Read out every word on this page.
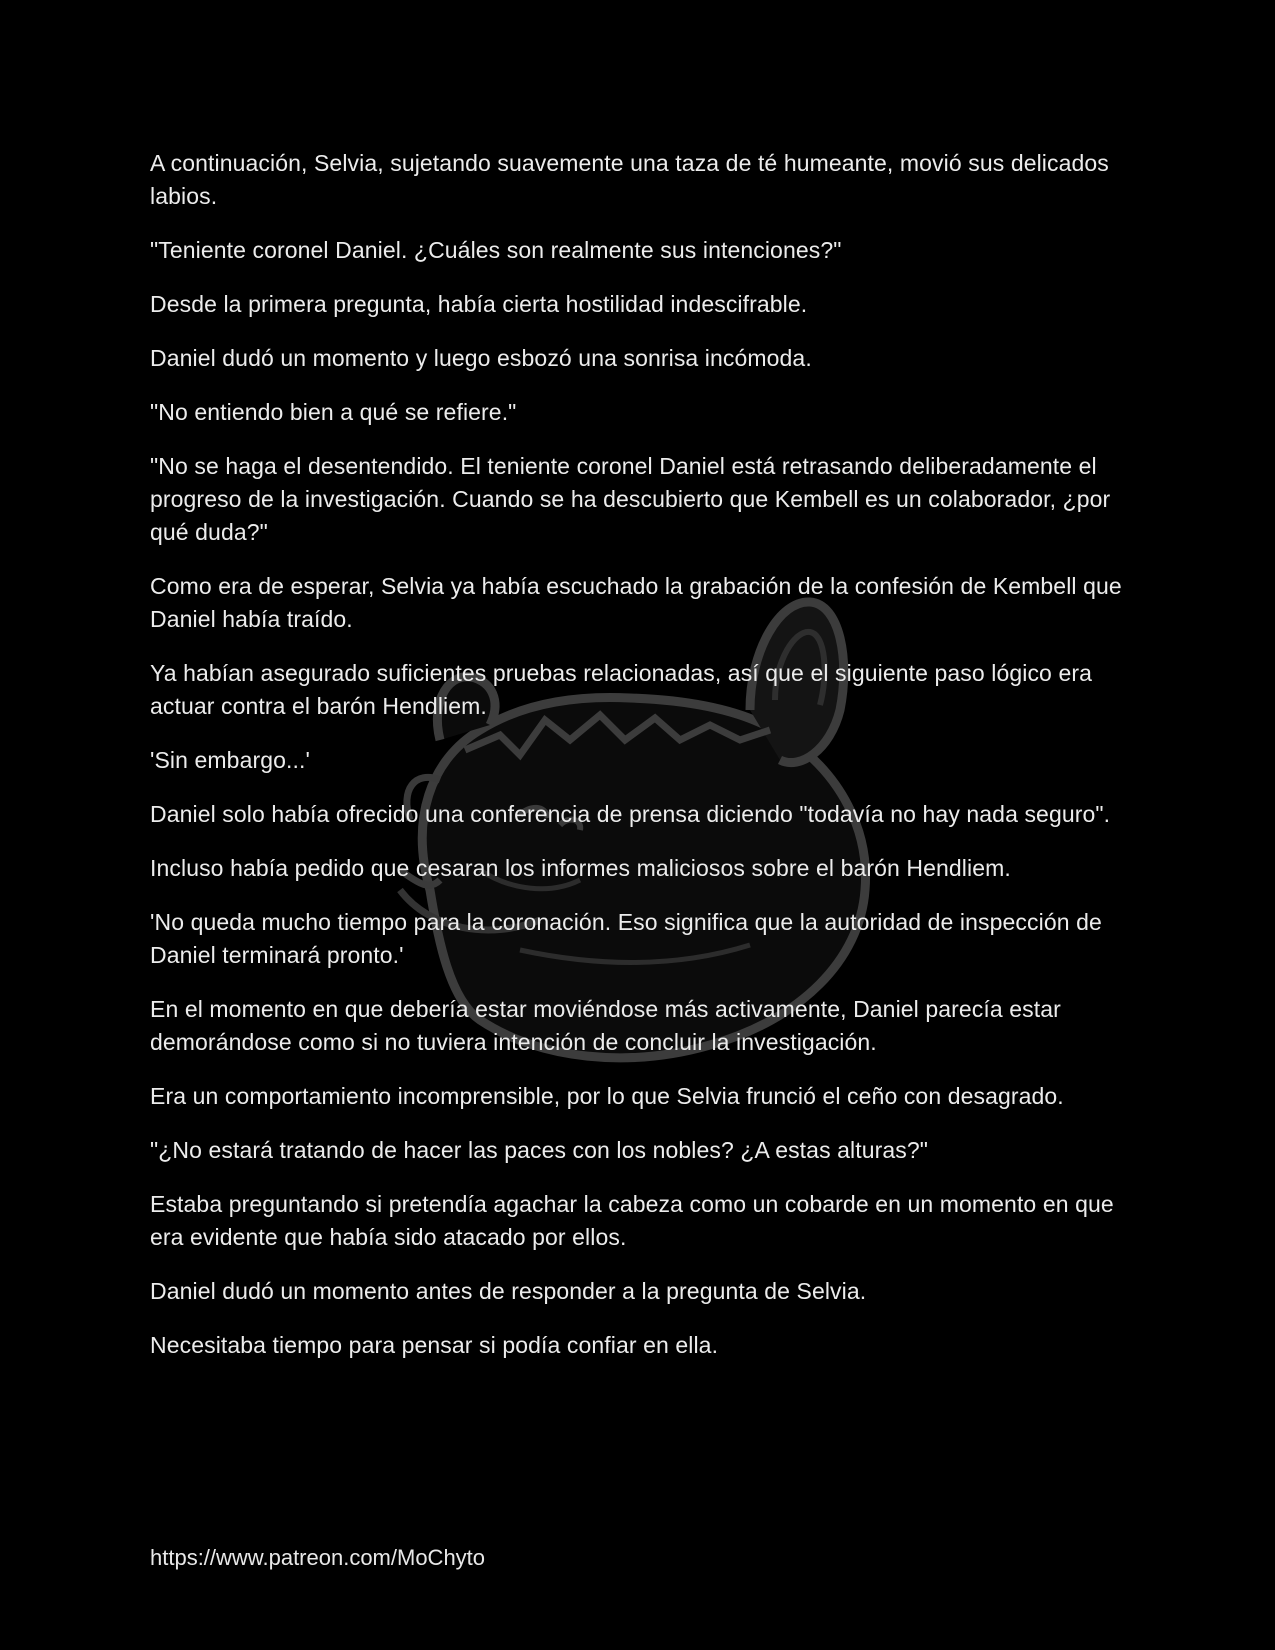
A continuación, Selvia, sujetando suavemente una taza de té humeante, movió sus delicados labios.

"Teniente coronel Daniel. ¿Cuáles son realmente sus intenciones?"

Desde la primera pregunta, había cierta hostilidad indescifrable.

Daniel dudó un momento y luego esbozó una sonrisa incómoda.

"No entiendo bien a qué se refiere."

"No se haga el desentendido. El teniente coronel Daniel está retrasando deliberadamente el progreso de la investigación. Cuando se ha descubierto que Kembell es un colaborador, ¿por qué duda?"

Como era de esperar, Selvia ya había escuchado la grabación de la confesión de Kembell que Daniel había traído.

Ya habían asegurado suficientes pruebas relacionadas, así que el siguiente paso lógico era actuar contra el barón Hendliem.

'Sin embargo...'

Daniel solo había ofrecido una conferencia de prensa diciendo "todavía no hay nada seguro".

Incluso había pedido que cesaran los informes maliciosos sobre el barón Hendliem.

'No queda mucho tiempo para la coronación. Eso significa que la autoridad de inspección de Daniel terminará pronto.'

En el momento en que debería estar moviéndose más activamente, Daniel parecía estar demorándose como si no tuviera intención de concluir la investigación.

Era un comportamiento incomprensible, por lo que Selvia frunció el ceño con desagrado.

"¿No estará tratando de hacer las paces con los nobles? ¿A estas alturas?"

Estaba preguntando si pretendía agachar la cabeza como un cobarde en un momento en que era evidente que había sido atacado por ellos.

Daniel dudó un momento antes de responder a la pregunta de Selvia.

Necesitaba tiempo para pensar si podía confiar en ella.

https://www.patreon.com/MoChyto
